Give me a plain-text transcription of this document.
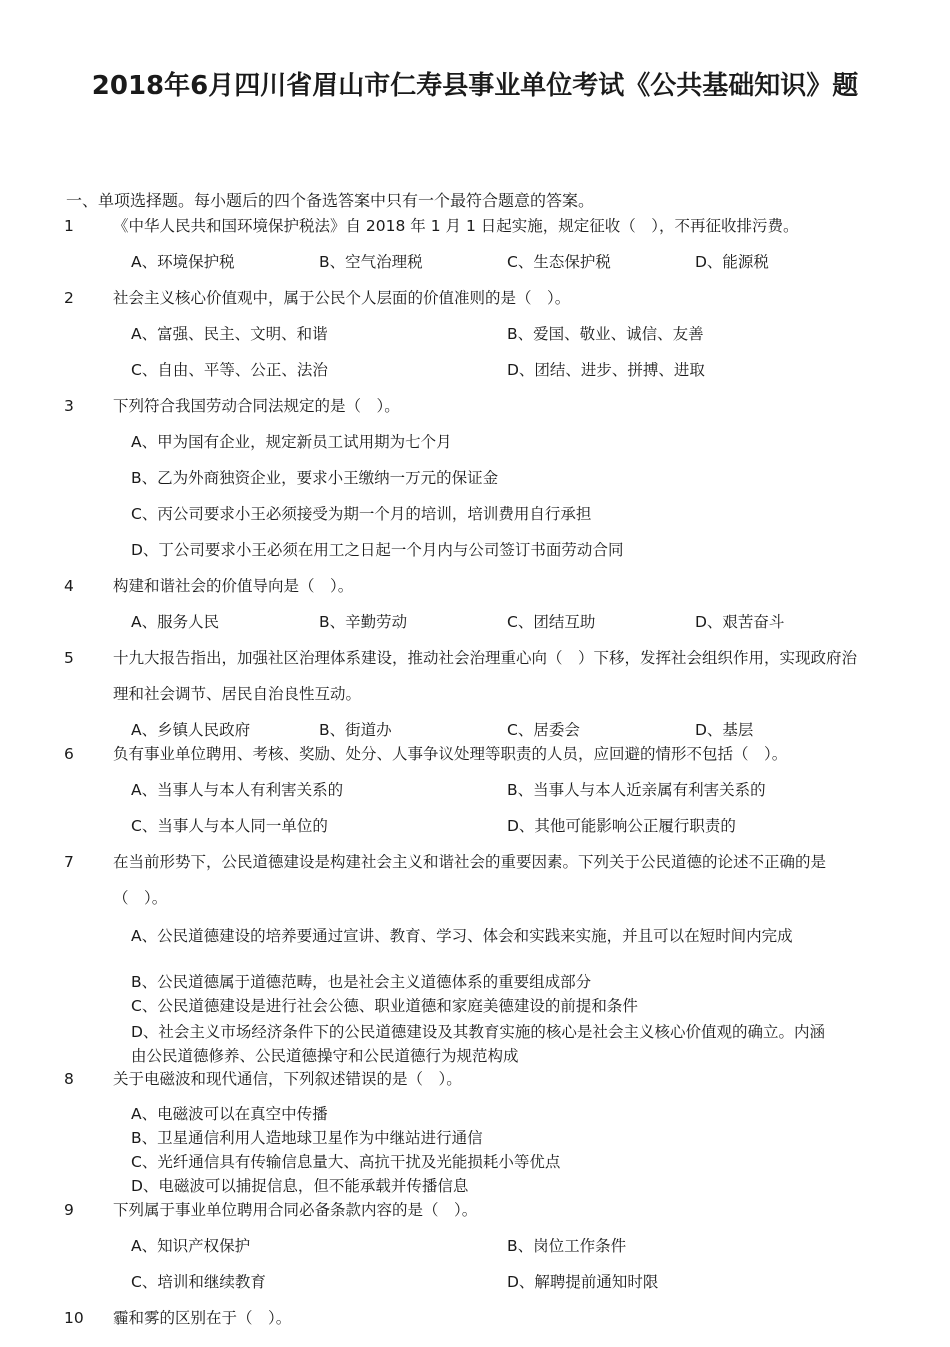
2018年6月四川省眉山市仁寿县事业单位考试《公共基础知识》题
一、单项选择题。每小题后的四个备选答案中只有一个最符合题意的答案。
1	《中华人民共和国环境保护税法》自 2018 年 1 月 1 日起实施，规定征收（　），不再征收排污费。
A、环境保护税	B、空气治理税	C、生态保护税	D、能源税
2	社会主义核心价值观中，属于公民个人层面的价值准则的是（　）。
A、富强、民主、文明、和谐	B、爱国、敬业、诚信、友善
C、自由、平等、公正、法治	D、团结、进步、拼搏、进取
3	下列符合我国劳动合同法规定的是（　）。
A、甲为国有企业，规定新员工试用期为七个月
B、乙为外商独资企业，要求小王缴纳一万元的保证金
C、丙公司要求小王必须接受为期一个月的培训，培训费用自行承担
D、丁公司要求小王必须在用工之日起一个月内与公司签订书面劳动合同
4	构建和谐社会的价值导向是（　）。
A、服务人民	B、辛勤劳动	C、团结互助	D、艰苦奋斗
5	十九大报告指出，加强社区治理体系建设，推动社会治理重心向（　）下移，发挥社会组织作用，实现政府治理和社会调节、居民自治良性互动。
A、乡镇人民政府	B、街道办	C、居委会	D、基层
6	负有事业单位聘用、考核、奖励、处分、人事争议处理等职责的人员，应回避的情形不包括（　）。
A、当事人与本人有利害关系的	B、当事人与本人近亲属有利害关系的
C、当事人与本人同一单位的	D、其他可能影响公正履行职责的
7	在当前形势下，公民道德建设是构建社会主义和谐社会的重要因素。下列关于公民道德的论述不正确的是（　）。
A、公民道德建设的培养要通过宣讲、教育、学习、体会和实践来实施，并且可以在短时间内完成
B、公民道德属于道德范畴，也是社会主义道德体系的重要组成部分
C、公民道德建设是进行社会公德、职业道德和家庭美德建设的前提和条件
D、社会主义市场经济条件下的公民道德建设及其教育实施的核心是社会主义核心价值观的确立。内涵由公民道德修养、公民道德操守和公民道德行为规范构成
8	关于电磁波和现代通信，下列叙述错误的是（　）。
A、电磁波可以在真空中传播
B、卫星通信利用人造地球卫星作为中继站进行通信
C、光纤通信具有传输信息量大、高抗干扰及光能损耗小等优点
D、电磁波可以捕捉信息，但不能承载并传播信息
9	下列属于事业单位聘用合同必备条款内容的是（　）。
A、知识产权保护	B、岗位工作条件
C、培训和继续教育	D、解聘提前通知时限
10	霾和雾的区别在于（　）。
